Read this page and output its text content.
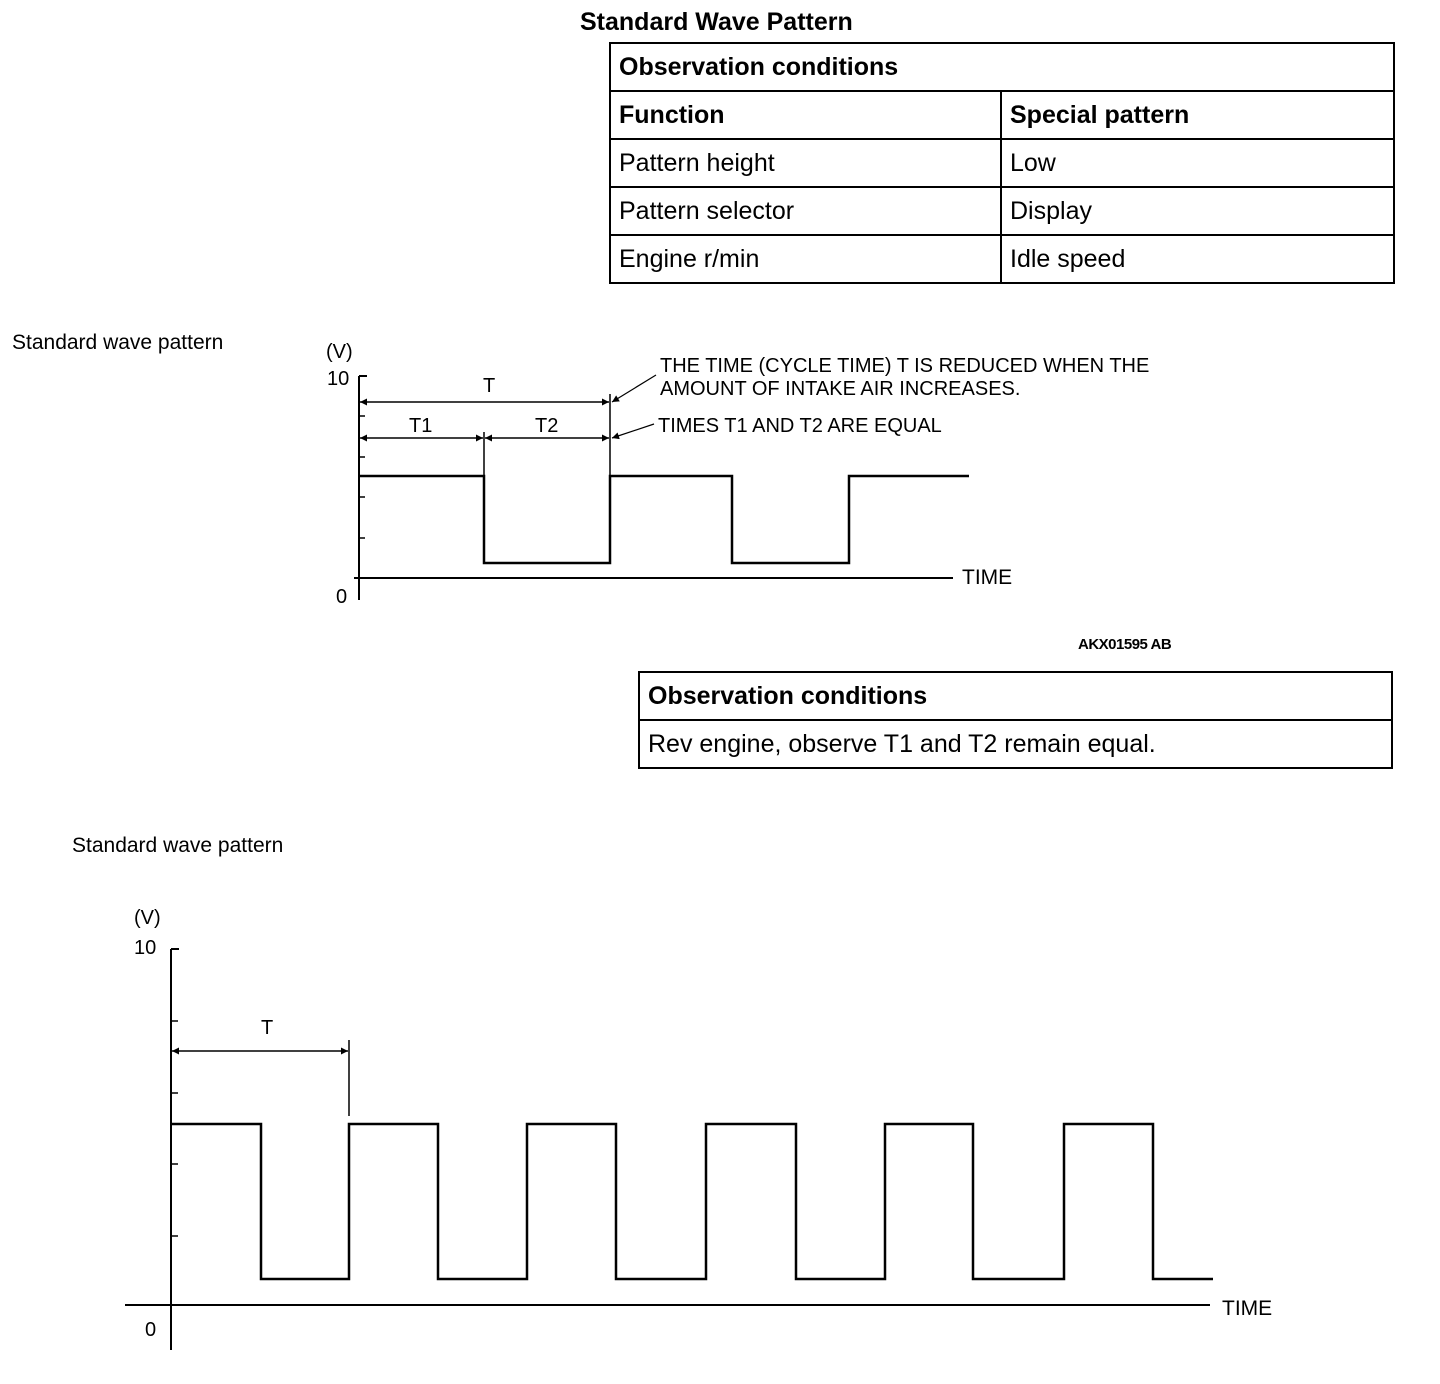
Standard Wave Pattern
Observation conditions	
Function	Special pattern
Pattern height	Low
Pattern selector	Display
Engine r/min	Idle speed
Standard wave pattern	(V)
10
0
TIME
T
T1	T2
THE TIME (CYCLE TIME) T IS REDUCED WHEN THE
AMOUNT OF INTAKE AIR INCREASES.
TIMES T1 AND T2 ARE EQUAL
(V)
10
0
TIME
T
AKX01595 AB
Observation conditions
Rev engine, observe T1 and T2 remain equal.
Standard wave pattern
